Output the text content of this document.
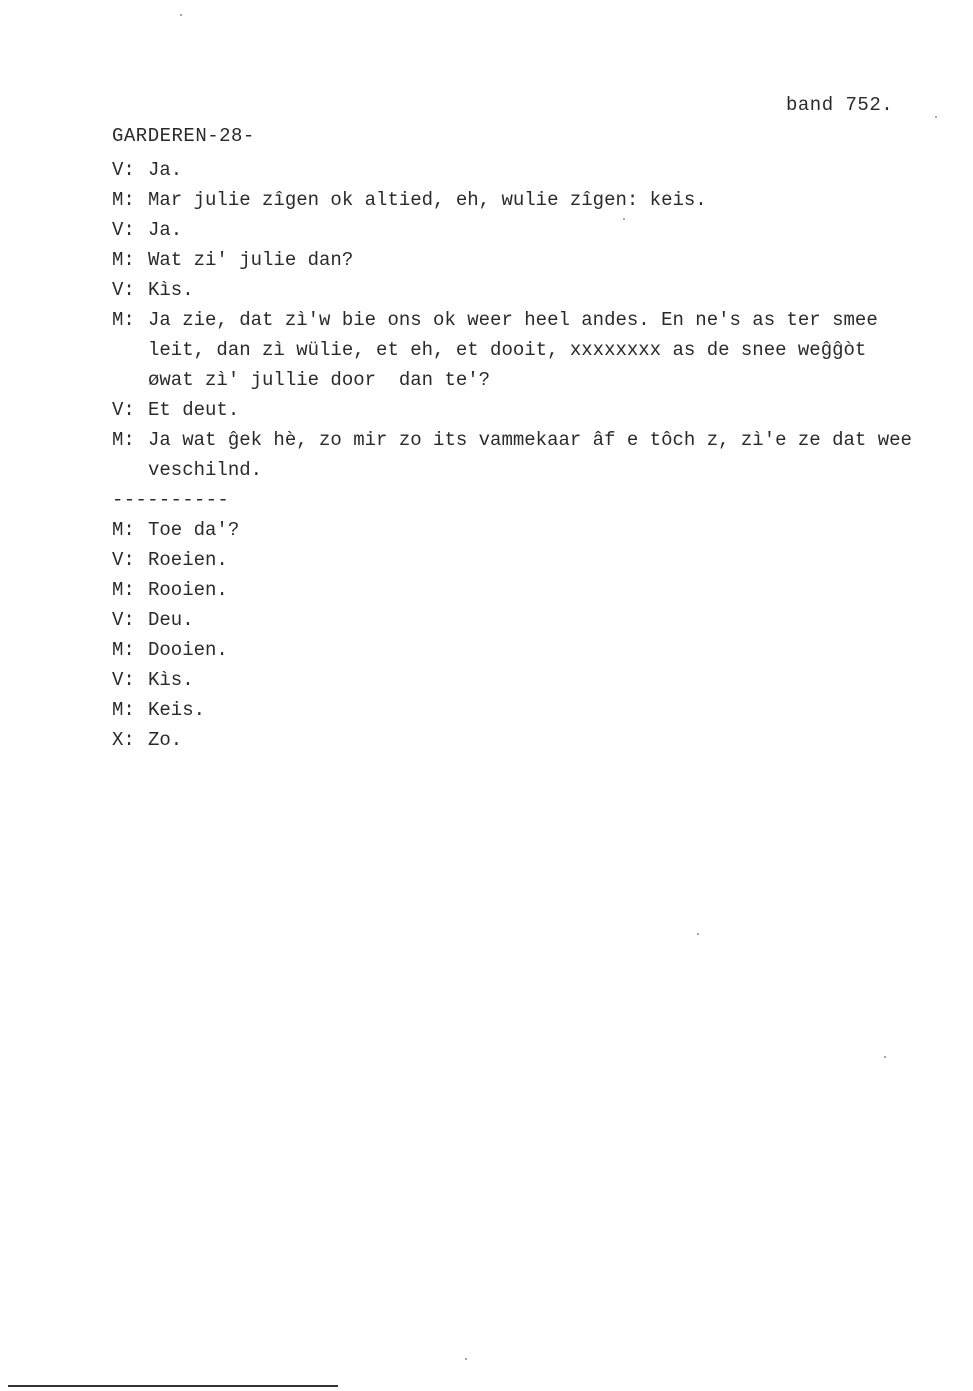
band 752.
GARDEREN-28-
V: Ja.
M: Mar julie zîgen ok altied, eh, wulie zîgen: keis.
V: Ja.
M: Wat zi' julie dan?
V: Kìs.
M: Ja zie, dat zì'w bie ons ok weer heel andes. En ne's as ter smee
leit, dan zì wülie, et eh, et dooit, xxxxxxxx as de snee weĝĝòt
øwat zì' jullie door  dan te'?
V: Et deut.
M: Ja wat ĝek hè, zo mir zo its vammekaar âf e tôch z, zì'e ze dat wee
veschilnd.
----------
M: Toe da'?
V: Roeien.
M: Rooien.
V: Deu.
M: Dooien.
V: Kìs.
M: Keis.
X: Zo.
